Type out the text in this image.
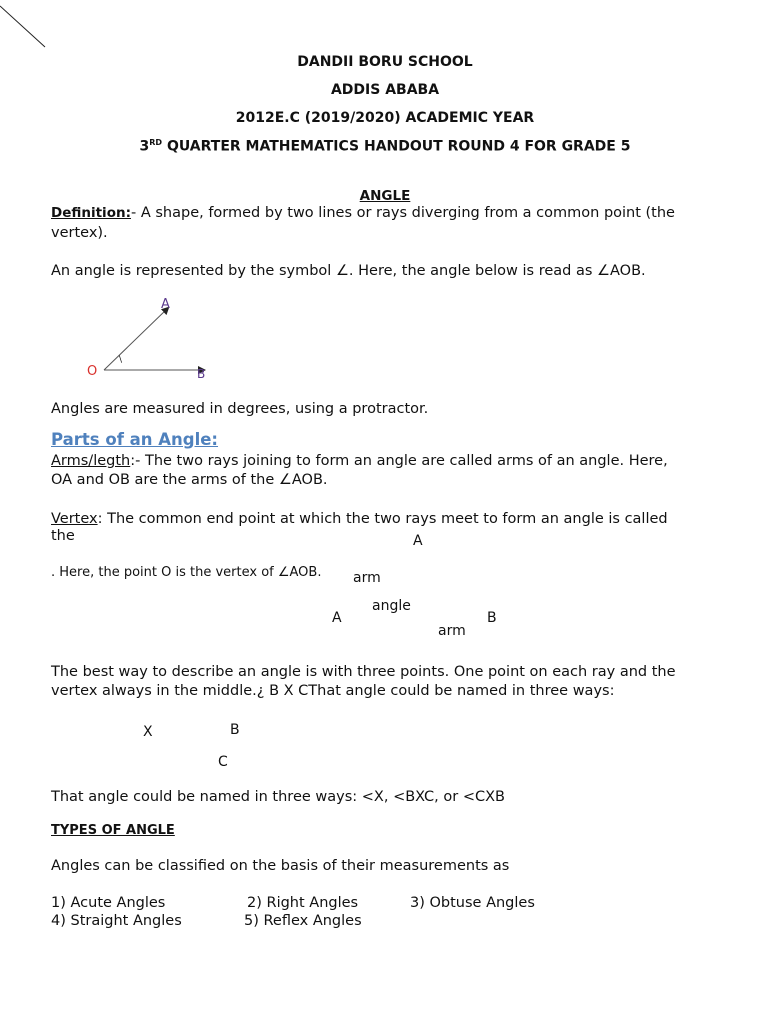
DANDII BORU SCHOOL
ADDIS ABABA
2012E.C (2019/2020) ACADEMIC YEAR
3RD QUARTER MATHEMATICS HANDOUT ROUND 4 FOR GRADE 5
ANGLE
Definition:- A shape, formed by two lines or rays diverging from a common point (the
vertex).
An angle is represented by the symbol ∠. Here, the angle below is read as ∠AOB.
A
O	B
\
Angles are measured in degrees, using a protractor.
Parts of an Angle:
Arms/legth:- The two rays joining to form an angle are called arms of an angle. Here,
OA and OB are the arms of the ∠AOB.
Vertex: The common end point at which the two rays meet to form an angle is called
the
. Here, the point O is the vertex of ∠AOB.
A
arm
angle
A	B
arm
The best way to describe an angle is with three points. One point on each ray and the
vertex always in the middle.¿ B X CThat angle could be named in three ways:
X	B
C
That angle could be named in three ways: <X, <BXC, or <CXB
TYPES OF ANGLE
Angles can be classified on the basis of their measurements as
1) Acute Angles	2) Right Angles	3) Obtuse Angles
4) Straight Angles	5) Reflex Angles
